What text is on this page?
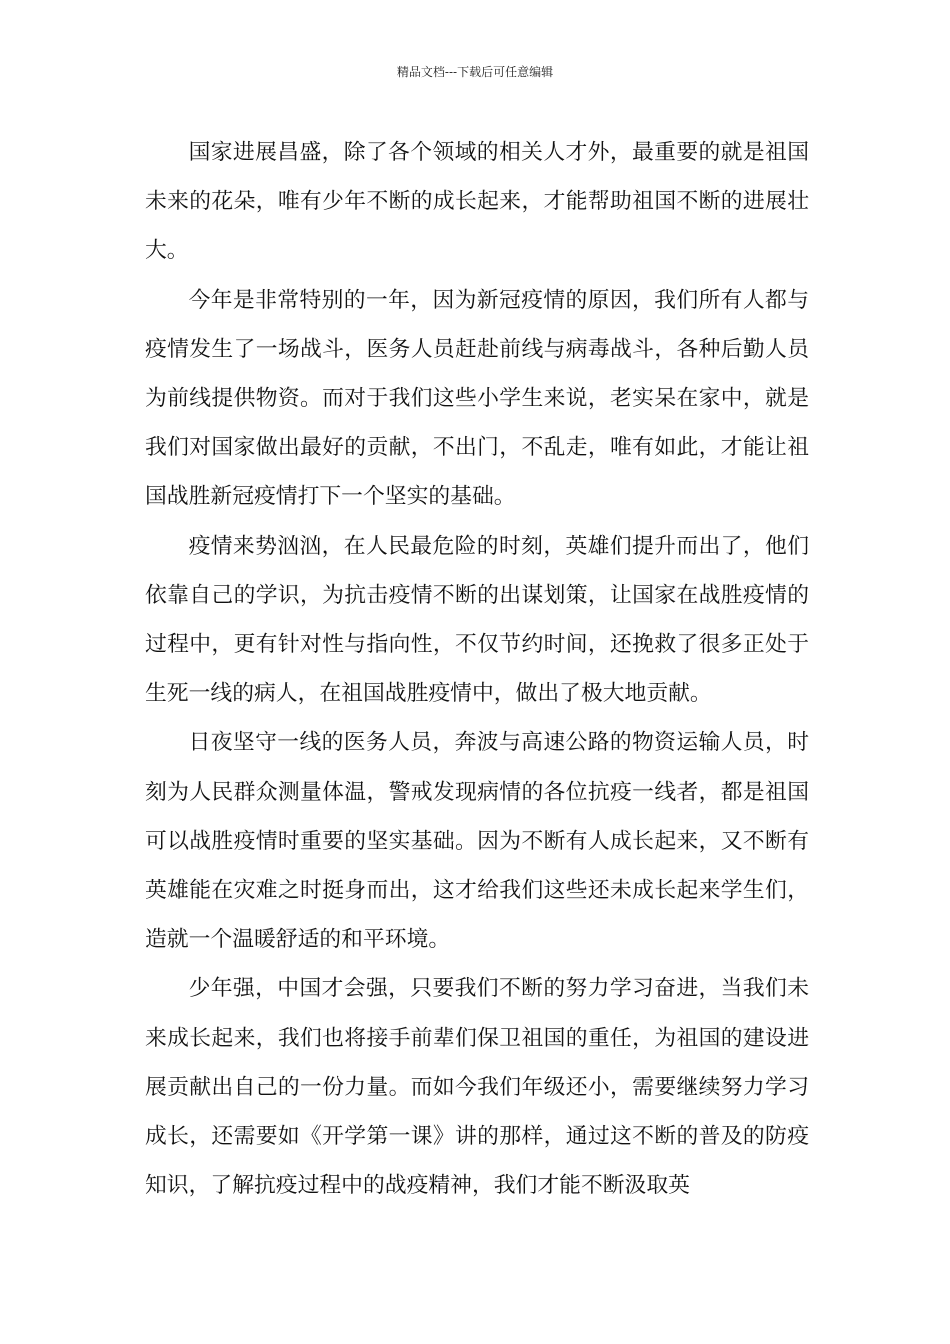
精品文档---下载后可任意编辑

国家进展昌盛，除了各个领域的相关人才外，最重要的就是祖国未来的花朵，唯有少年不断的成长起来，才能帮助祖国不断的进展壮大。

今年是非常特别的一年，因为新冠疫情的原因，我们所有人都与疫情发生了一场战斗，医务人员赶赴前线与病毒战斗，各种后勤人员为前线提供物资。而对于我们这些小学生来说，老实呆在家中，就是我们对国家做出最好的贡献，不出门，不乱走，唯有如此，才能让祖国战胜新冠疫情打下一个坚实的基础。

疫情来势汹汹，在人民最危险的时刻，英雄们提升而出了，他们依靠自己的学识，为抗击疫情不断的出谋划策，让国家在战胜疫情的过程中，更有针对性与指向性，不仅节约时间，还挽救了很多正处于生死一线的病人，在祖国战胜疫情中，做出了极大地贡献。

日夜坚守一线的医务人员，奔波与高速公路的物资运输人员，时刻为人民群众测量体温，警戒发现病情的各位抗疫一线者，都是祖国可以战胜疫情时重要的坚实基础。因为不断有人成长起来，又不断有英雄能在灾难之时挺身而出，这才给我们这些还未成长起来学生们，造就一个温暖舒适的和平环境。

少年强，中国才会强，只要我们不断的努力学习奋进，当我们未来成长起来，我们也将接手前辈们保卫祖国的重任，为祖国的建设进展贡献出自己的一份力量。而如今我们年级还小，需要继续努力学习成长，还需要如《开学第一课》讲的那样，通过这不断的普及的防疫知识，了解抗疫过程中的战疫精神，我们才能不断汲取英
